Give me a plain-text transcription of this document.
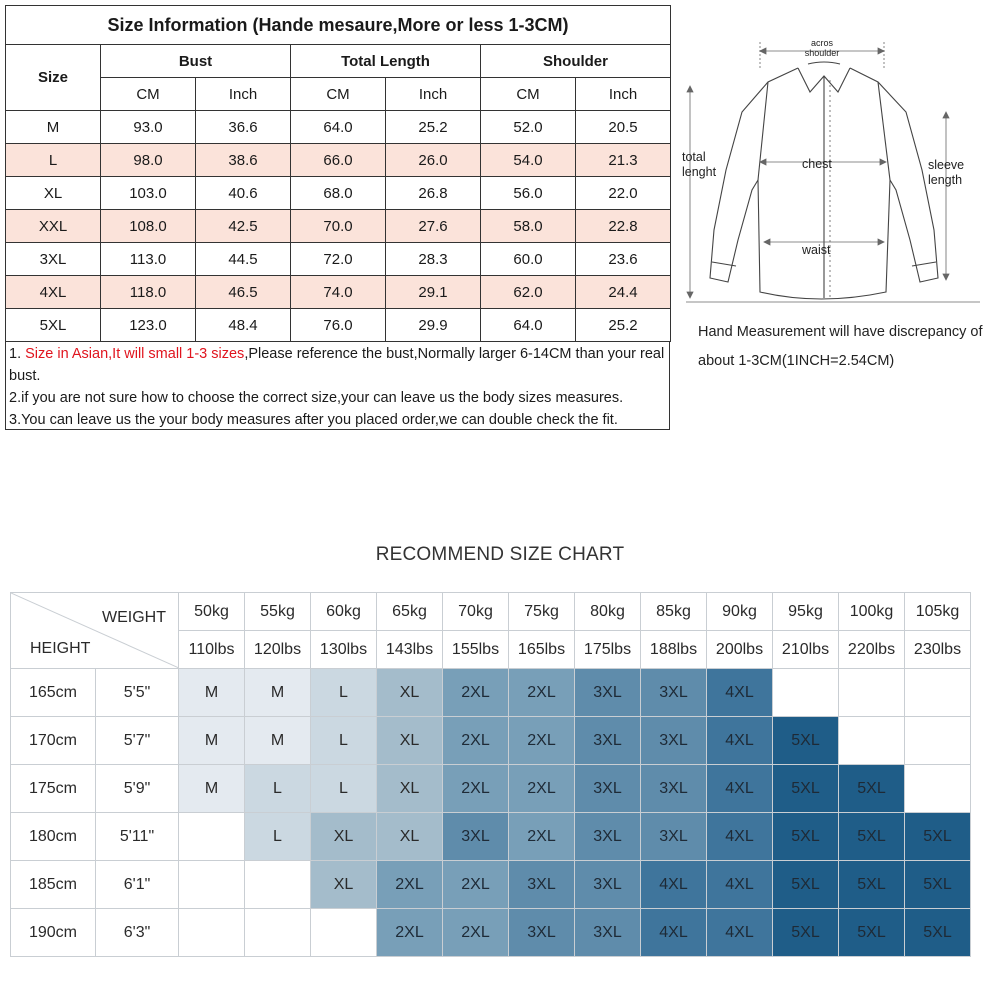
Size Information (Hande mesaure,More or less 1-3CM)						
Size	Bust		Total Length		Shoulder	
	CM	Inch	CM	Inch	CM	Inch
M	93.0	36.6	64.0	25.2	52.0	20.5
L	98.0	38.6	66.0	26.0	54.0	21.3
XL	103.0	40.6	68.0	26.8	56.0	22.0
XXL	108.0	42.5	70.0	27.6	58.0	22.8
3XL	113.0	44.5	72.0	28.3	60.0	23.6
4XL	118.0	46.5	74.0	29.1	62.0	24.4
5XL	123.0	48.4	76.0	29.9	64.0	25.2
1. Size in Asian,It will small 1-3 sizes,Please reference the bust,Normally larger 6-14CM than your real bust.
2.if you are not sure how to choose the correct size,your can leave us the body sizes measures.
3.You can leave us the your body measures after you placed order,we can double check the fit.
acros
shoulder
chest
waist
total
lenght	sleeve
length
Hand Measurement will have discrepancy of about 1-3CM(1INCH=2.54CM)
RECOMMEND SIZE CHART
WEIGHT
HEIGHT		50kg	55kg	60kg	65kg	70kg	75kg	80kg	85kg	90kg	95kg	100kg	105kg
		110lbs	120lbs	130lbs	143lbs	155lbs	165lbs	175lbs	188lbs	200lbs	210lbs	220lbs	230lbs
165cm	5'5"	M	M	L	XL	2XL	2XL	3XL	3XL	4XL			
170cm	5'7"	M	M	L	XL	2XL	2XL	3XL	3XL	4XL	5XL		
175cm	5'9"	M	L	L	XL	2XL	2XL	3XL	3XL	4XL	5XL	5XL	
180cm	5'11"		L	XL	XL	3XL	2XL	3XL	3XL	4XL	5XL	5XL	5XL
185cm	6'1"			XL	2XL	2XL	3XL	3XL	4XL	4XL	5XL	5XL	5XL
190cm	6'3"				2XL	2XL	3XL	3XL	4XL	4XL	5XL	5XL	5XL
